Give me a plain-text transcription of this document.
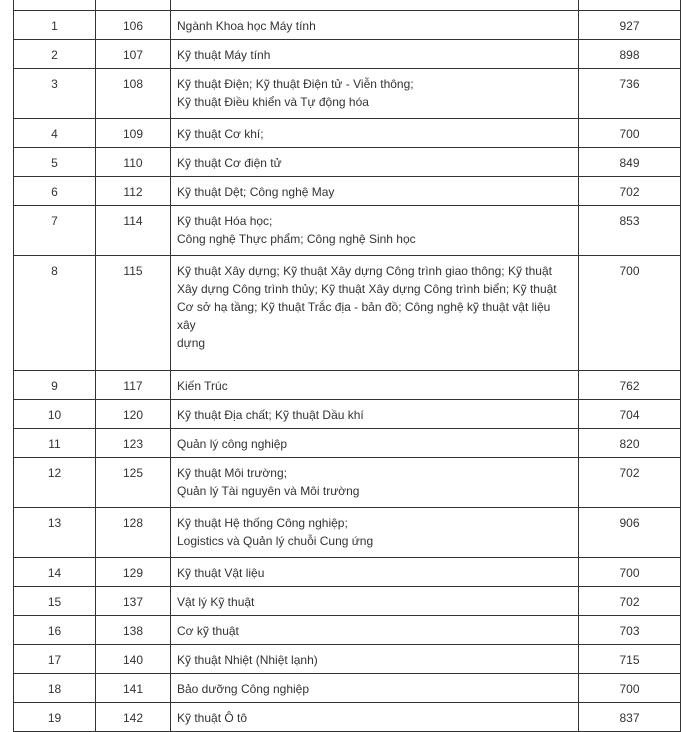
1	106	Ngành Khoa học Máy tính	927
2	107	Kỹ thuật Máy tính	898
3	108	Kỹ thuật Điện; Kỹ thuật Điện tử - Viễn thông;
Kỹ thuật Điều khiển và Tự động hóa	736
4	109	Kỹ thuật Cơ khí;	700
5	110	Kỹ thuật Cơ điện tử	849
6	112	Kỹ thuật Dệt; Công nghệ May	702
7	114	Kỹ thuật Hóa học;
Công nghệ Thực phẩm; Công nghệ Sinh học	853
8	115	Kỹ thuật Xây dựng; Kỹ thuật Xây dựng Công trình giao thông; Kỹ thuật
Xây dựng Công trình thủy; Kỹ thuật Xây dựng Công trình biển; Kỹ thuật
Cơ sở hạ tầng; Kỹ thuật Trắc địa - bản đồ; Công nghệ kỹ thuật vật liệu xây
dựng	700
9	117	Kiến Trúc	762
10	120	Kỹ thuật Địa chất; Kỹ thuật Dầu khí	704
11	123	Quản lý công nghiệp	820
12	125	Kỹ thuật Môi trường;
Quản lý Tài nguyên và Môi trường	702
13	128	Kỹ thuật Hệ thống Công nghiệp;
Logistics và Quản lý chuỗi Cung ứng	906
14	129	Kỹ thuật Vật liệu	700
15	137	Vật lý Kỹ thuật	702
16	138	Cơ kỹ thuật	703
17	140	Kỹ thuật Nhiệt (Nhiệt lạnh)	715
18	141	Bảo dưỡng Công nghiệp	700
19	142	Kỹ thuật Ô tô	837
